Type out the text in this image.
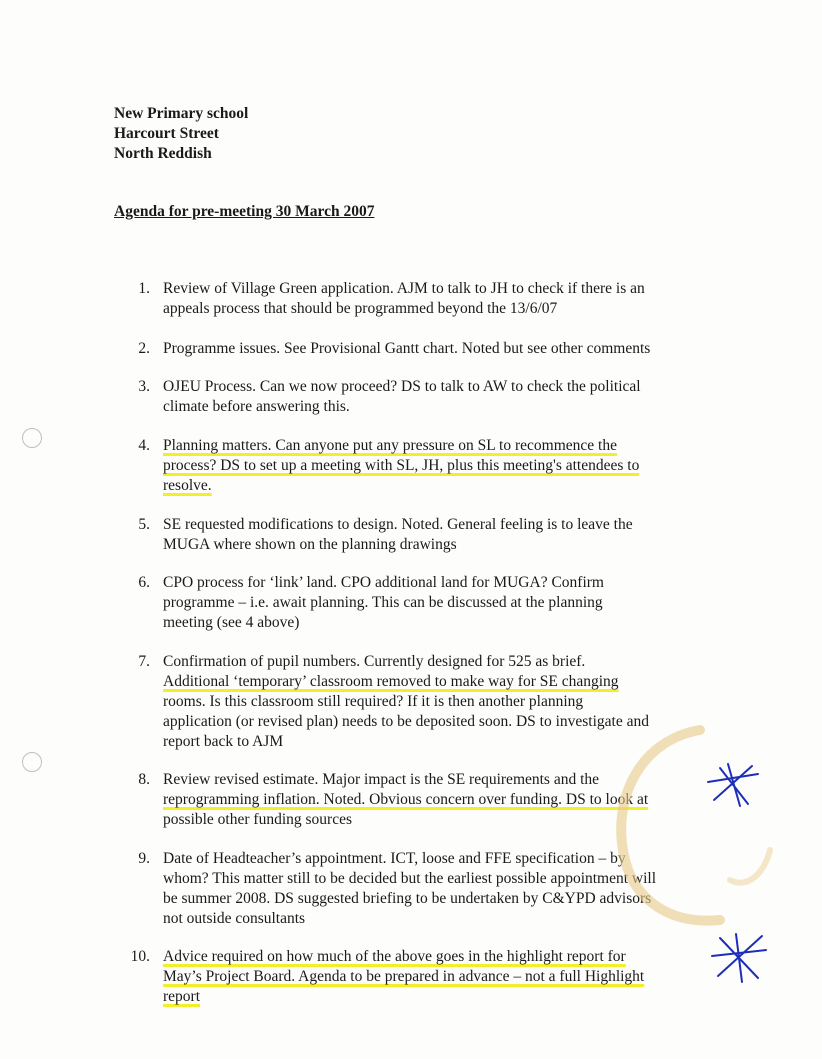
New Primary school
Harcourt Street
North Reddish
Agenda for pre-meeting 30 March 2007
1. Review of Village Green application. AJM to talk to JH to check if there is an
appeals process that should be programmed beyond the 13/6/07
2. Programme issues. See Provisional Gantt chart. Noted but see other comments
3. OJEU Process. Can we now proceed? DS to talk to AW to check the political
climate before answering this.
4. Planning matters. Can anyone put any pressure on SL to recommence the
process? DS to set up a meeting with SL, JH, plus this meeting's attendees to
resolve.
5. SE requested modifications to design. Noted. General feeling is to leave the
MUGA where shown on the planning drawings
6. CPO process for ‘link’ land. CPO additional land for MUGA? Confirm
programme – i.e. await planning. This can be discussed at the planning
meeting (see 4 above)
7. Confirmation of pupil numbers. Currently designed for 525 as brief.
Additional ‘temporary’ classroom removed to make way for SE changing
rooms. Is this classroom still required? If it is then another planning
application (or revised plan) needs to be deposited soon. DS to investigate and
report back to AJM
8. Review revised estimate. Major impact is the SE requirements and the
reprogramming inflation. Noted. Obvious concern over funding. DS to look at
possible other funding sources
9. Date of Headteacher’s appointment. ICT, loose and FFE specification – by
whom? This matter still to be decided but the earliest possible appointment will
be summer 2008. DS suggested briefing to be undertaken by C&YPD advisors
not outside consultants
10. Advice required on how much of the above goes in the highlight report for
May’s Project Board. Agenda to be prepared in advance – not a full Highlight
report
